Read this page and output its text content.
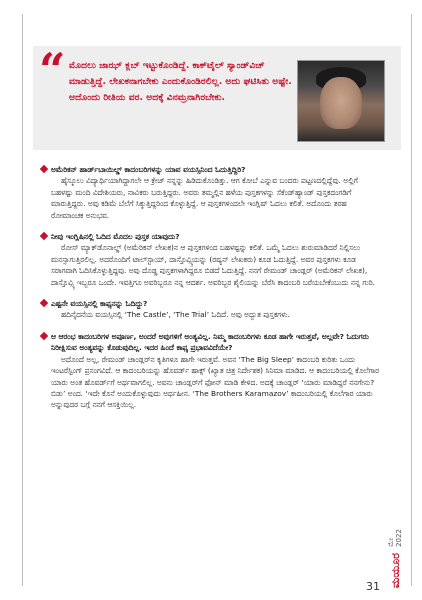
“ ಮೊದಲು ಜಾಝ್ ಕ್ಲಬ್ ಇಟ್ಟುಕೊಂಡಿದ್ದೆ. ಕಾಕ್‌ಟೈಲ್ ಸ್ಯಾಂಡ್‌ವಿಚ್ ಮಾಡುತ್ತಿದ್ದೆ. ಲೇಖಕನಾಗಬೇಕು ಎಂದುಕೊಂಡಿರಲಿಲ್ಲ. ಅದು ಘಟಿಸಿತು ಅಷ್ಟೇ. ಆದೊಂದು ರೀತಿಯ ವರ. ಅದಕ್ಕೆ ವಿನಮ್ರನಾಗಿರಬೇಕು.

ಅಮೆರಿಕನ್ ಹಾರ್ಡ್‌ಬಾಯಿಲ್ಡ್ ಕಾದಂಬರಿಗಳನ್ನು ಯಾವ ವಯಸ್ಸಿನಿಂದ ಓದುತ್ತಿದ್ದಿರಿ?

ಹೈಸ್ಕೂಲು ವಿದ್ಯಾರ್ಥಿಯಾಗಿದ್ದಾಗಲೇ ಆ ಕ್ರೇಜ್ ನನ್ನನ್ನು ಹಿಡಿದುಕೊಂಡಿತ್ತು. ಆಗ ಕೋಬೆ ಎನ್ನುವ ಬಂದರು ಪಟ್ಟಣದಲ್ಲಿದ್ದೆವು. ಅಲ್ಲಿಗೆ ಬಹಳಷ್ಟು ಮಂದಿ ವಿದೇಶಿಯರು, ನಾವಿಕರು ಬರುತ್ತಿದ್ದರು. ಅವರು ತಮ್ಮಲ್ಲಿನ ಹಳೆಯ ಪುಸ್ತಕಗಳನ್ನು ಸೆಕೆಂಡ್‌ಹ್ಯಾಂಡ್ ಪುಸ್ತಕದಂಗಡಿಗೆ ಮಾರುತ್ತಿದ್ದರು. ಅವು ಕಡಿಮೆ ಬೆಲೆಗೆ ಸಿಕ್ಕುತ್ತಿದ್ದರಿಂದ ಕೊಳ್ಳುತ್ತಿದ್ದೆ. ಆ ಪುಸ್ತಕಗಳಿಂದಲೇ ಇಂಗ್ಲಿಷ್ ಓದಲು ಕಲಿತೆ. ಅದೊಂದು ತರಹ ರೋಮಾಂಚಕ ಅನುಭವ.

ನೀವು ಇಂಗ್ಲಿಷಿನಲ್ಲಿ ಓದಿದ ಮೊದಲ ಪುಸ್ತಕ ಯಾವುದು?

ರೋಸ್ ಮ್ಯಾಕ್‌ಡೊನಾಲ್ಡ್ (ಅಮೆರಿಕನ್ ಲೇಖಕ)ನ ಆ ಪುಸ್ತಕಗಳಿಂದ ಬಹಳಷ್ಟನ್ನು ಕಲಿತೆ. ಒಮ್ಮೆ ಓದಲು ಶುರುಮಾಡಿದರೆ ನಿಲ್ಲಿಸಲು ಮನಸ್ಸಾಗುತ್ತಿರಲಿಲ್ಲ. ಅದರೊಂದಿಗೆ ಟಾಲ್‌ಸ್ಟಾಯ್, ದಾಸ್ತೊವ್ಸ್ಕಿಯನ್ನು (ರಷ್ಯನ್ ಲೇಖಕರು) ಕೂಡ ಓದುತ್ತಿದ್ದೆ. ಅವರ ಪುಸ್ತಕಗಳು ಕೂಡ ಸರಾಗವಾಗಿ ಓದಿಸಿಕೊಳ್ಳುತ್ತಿದ್ದವು. ಅವು ದೊಡ್ಡ ಪುಸ್ತಕಗಳಾಗಿದ್ದರೂ ಬಿಡದೆ ಓದುತ್ತಿದ್ದೆ. ನನಗೆ ರೇಮಂಡ್ ಚಾಂಡ್ಲರ್ (ಅಮೆರಿಕನ್ ಲೇಖಕ), ದಾಸ್ತೊವ್ಸ್ಕಿ ಇಬ್ಬರೂ ಒಂದೇ. ಇವತ್ತಿಗೂ ಅವರಿಬ್ಬರೂ ನನ್ನ ಆದರ್ಶ. ಅವರಿಬ್ಬರ ಶೈಲಿಯನ್ನು ಬೆರೆಸಿ ಕಾದಂಬರಿ ಬರೆಯಬೇಕೆಂಬುದು ನನ್ನ ಗುರಿ.

ಎಷ್ಟನೇ ವಯಸ್ಸಿನಲ್ಲಿ ಕಾಫ್ಕನನ್ನು ಓದಿದ್ದು?

ಹದಿನೈದನೆಯ ವಯಸ್ಸಿನಲ್ಲಿ ‘The Castle’, ‘The Trial’ ಓದಿದೆ. ಅವು ಅದ್ಭುತ ಪುಸ್ತಕಗಳು.

ಆ ಆರಂಭ ಕಾದಂಬರಿಗಳ ಅಪೂರ್ಣ, ಅಂದರೆ ಅವುಗಳಿಗೆ ಅಂತ್ಯವಿಲ್ಲ. ನಿಮ್ಮ ಕಾದಂಬರಿಗಳು ಕೂಡ ಹಾಗೇ ಇರುತ್ತವೆ, ಅಲ್ಲವೇ? ಓದುಗರು ನಿರೀಕ್ಷಿಸುವ ಅಂತ್ಯವನ್ನು ಕೊಡುವುದಿಲ್ಲ. ಇದರ ಹಿಂದೆ ಕಾಫ್ಕ ಪ್ರಭಾವವಿದೆಯೇ?

ಅದೊಂದೆ ಅಲ್ಲ, ರೇಮಂಡ್ ಚಾಂಡ್ಲರ್‌ನ ಕೃತಿಗಳೂ ಹಾಗೇ ಇರುತ್ತವೆ. ಅವನ ‘The Big Sleep’ ಕಾದಂಬರಿ ಕುರಿತು ಒಂದು ಇಂಟರೆಸ್ಟಿಂಗ್ ಪ್ರಸಂಗವಿದೆ. ಆ ಕಾದಂಬರಿಯನ್ನು ಹೊವರ್ಡ್ ಹಾಕ್ಸ್ (ಖ್ಯಾತ ಚಿತ್ರ ನಿರ್ದೇಶಕ) ಸಿನಿಮಾ ಮಾಡಿದ. ಆ ಕಾದಂಬರಿಯಲ್ಲಿ ಕೊಲೆಗಾರ ಯಾರು ಅಂತ ಹೊವರ್ಡ್‌ಗೆ ಅರ್ಥವಾಗಲಿಲ್ಲ. ಅವನು ಚಾಂಡ್ಲರ್‌ಗೆ ಫೋನ್ ಮಾಡಿ ಕೇಳಿದ. ಅದಕ್ಕೆ ಚಾಂಡ್ಲರ್ ‘ಯಾರು ಮಾಡಿದ್ದರೆ ನನಗೇನು? ಬಿಡು’ ಅಂದ. ‘ಇದೇ ಕೊನೆ ಅಂದುಕೊಳ್ಳುವುದು ಅರ್ಥಹೀನ. ‘The Brothers Karamazov’ ಕಾದಂಬರಿಯಲ್ಲಿ ಕೊಲೆಗಾರ ಯಾರು ಅನ್ನುವುದರ ಬಗ್ಗೆ ನನಗೆ ಆಸಕ್ತಿಯಿಲ್ಲ.

ಮೇ 2022
ಮಯೂರ
31
